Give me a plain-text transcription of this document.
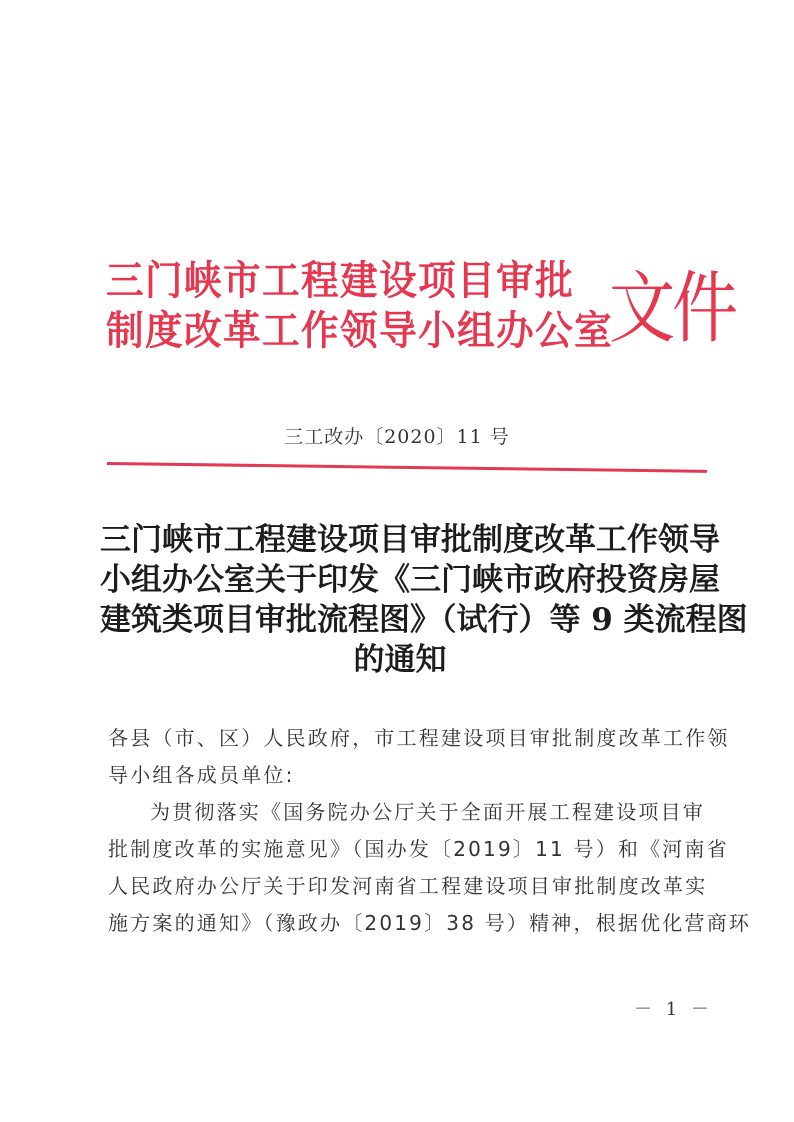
三门峡市工程建设项目审批
制度改革工作领导小组办公室
文件
三工改办〔2020〕11 号
三门峡市工程建设项目审批制度改革工作领导
小组办公室关于印发《三门峡市政府投资房屋
建筑类项目审批流程图》（试行）等 9 类流程图
的通知
各县（市、区）人民政府，市工程建设项目审批制度改革工作领
导小组各成员单位:
为贯彻落实《国务院办公厅关于全面开展工程建设项目审
批制度改革的实施意见》（国办发〔2019〕11 号）和《河南省
人民政府办公厅关于印发河南省工程建设项目审批制度改革实
施方案的通知》（豫政办〔2019〕38 号）精神，根据优化营商环
－ 1 －
